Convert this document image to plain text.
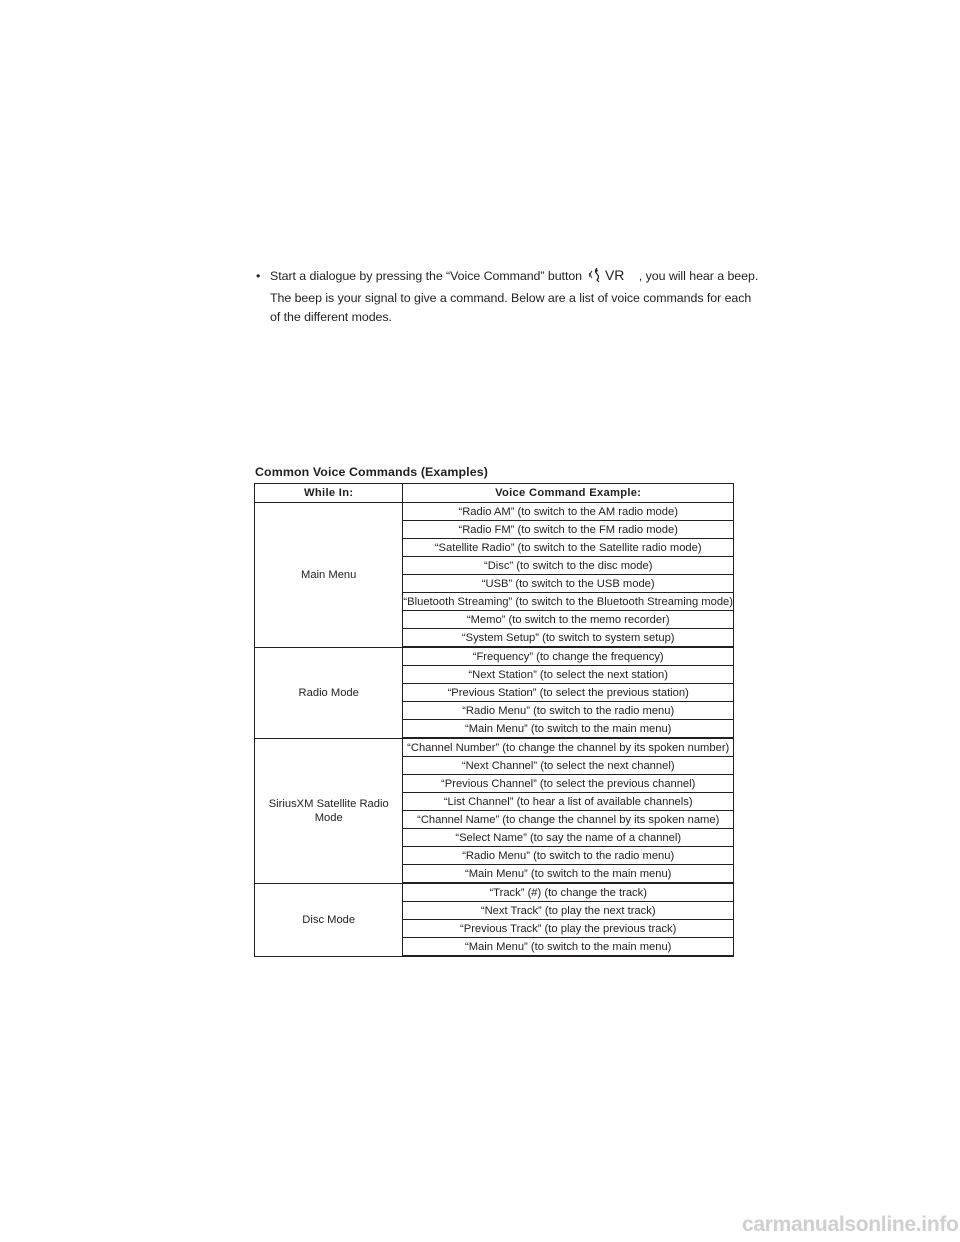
• Start a dialogue by pressing the “Voice Command” button VR , you will hear a beep.
The beep is your signal to give a command. Below are a list of voice commands for each
of the different modes.
Common Voice Commands (Examples)
While In:	Voice Command Example:
Main Menu	“Radio AM” (to switch to the AM radio mode)
	“Radio FM” (to switch to the FM radio mode)
	“Satellite Radio” (to switch to the Satellite radio mode)
	“Disc” (to switch to the disc mode)
	“USB” (to switch to the USB mode)
	“Bluetooth Streaming” (to switch to the Bluetooth Streaming mode)
	“Memo” (to switch to the memo recorder)
	“System Setup” (to switch to system setup)

Radio Mode	“Frequency” (to change the frequency)
	“Next Station” (to select the next station)
	“Previous Station” (to select the previous station)
	“Radio Menu” (to switch to the radio menu)
	“Main Menu” (to switch to the main menu)

SiriusXM Satellite Radio Mode	“Channel Number” (to change the channel by its spoken number)
	“Next Channel” (to select the next channel)
	“Previous Channel” (to select the previous channel)
	“List Channel” (to hear a list of available channels)
	“Channel Name” (to change the channel by its spoken name)
	“Select Name” (to say the name of a channel)
	“Radio Menu” (to switch to the radio menu)
	“Main Menu” (to switch to the main menu)

Disc Mode	“Track” (#) (to change the track)
	“Next Track” (to play the next track)
	“Previous Track” (to play the previous track)
	“Main Menu” (to switch to the main menu)

carmanualsonline.info
